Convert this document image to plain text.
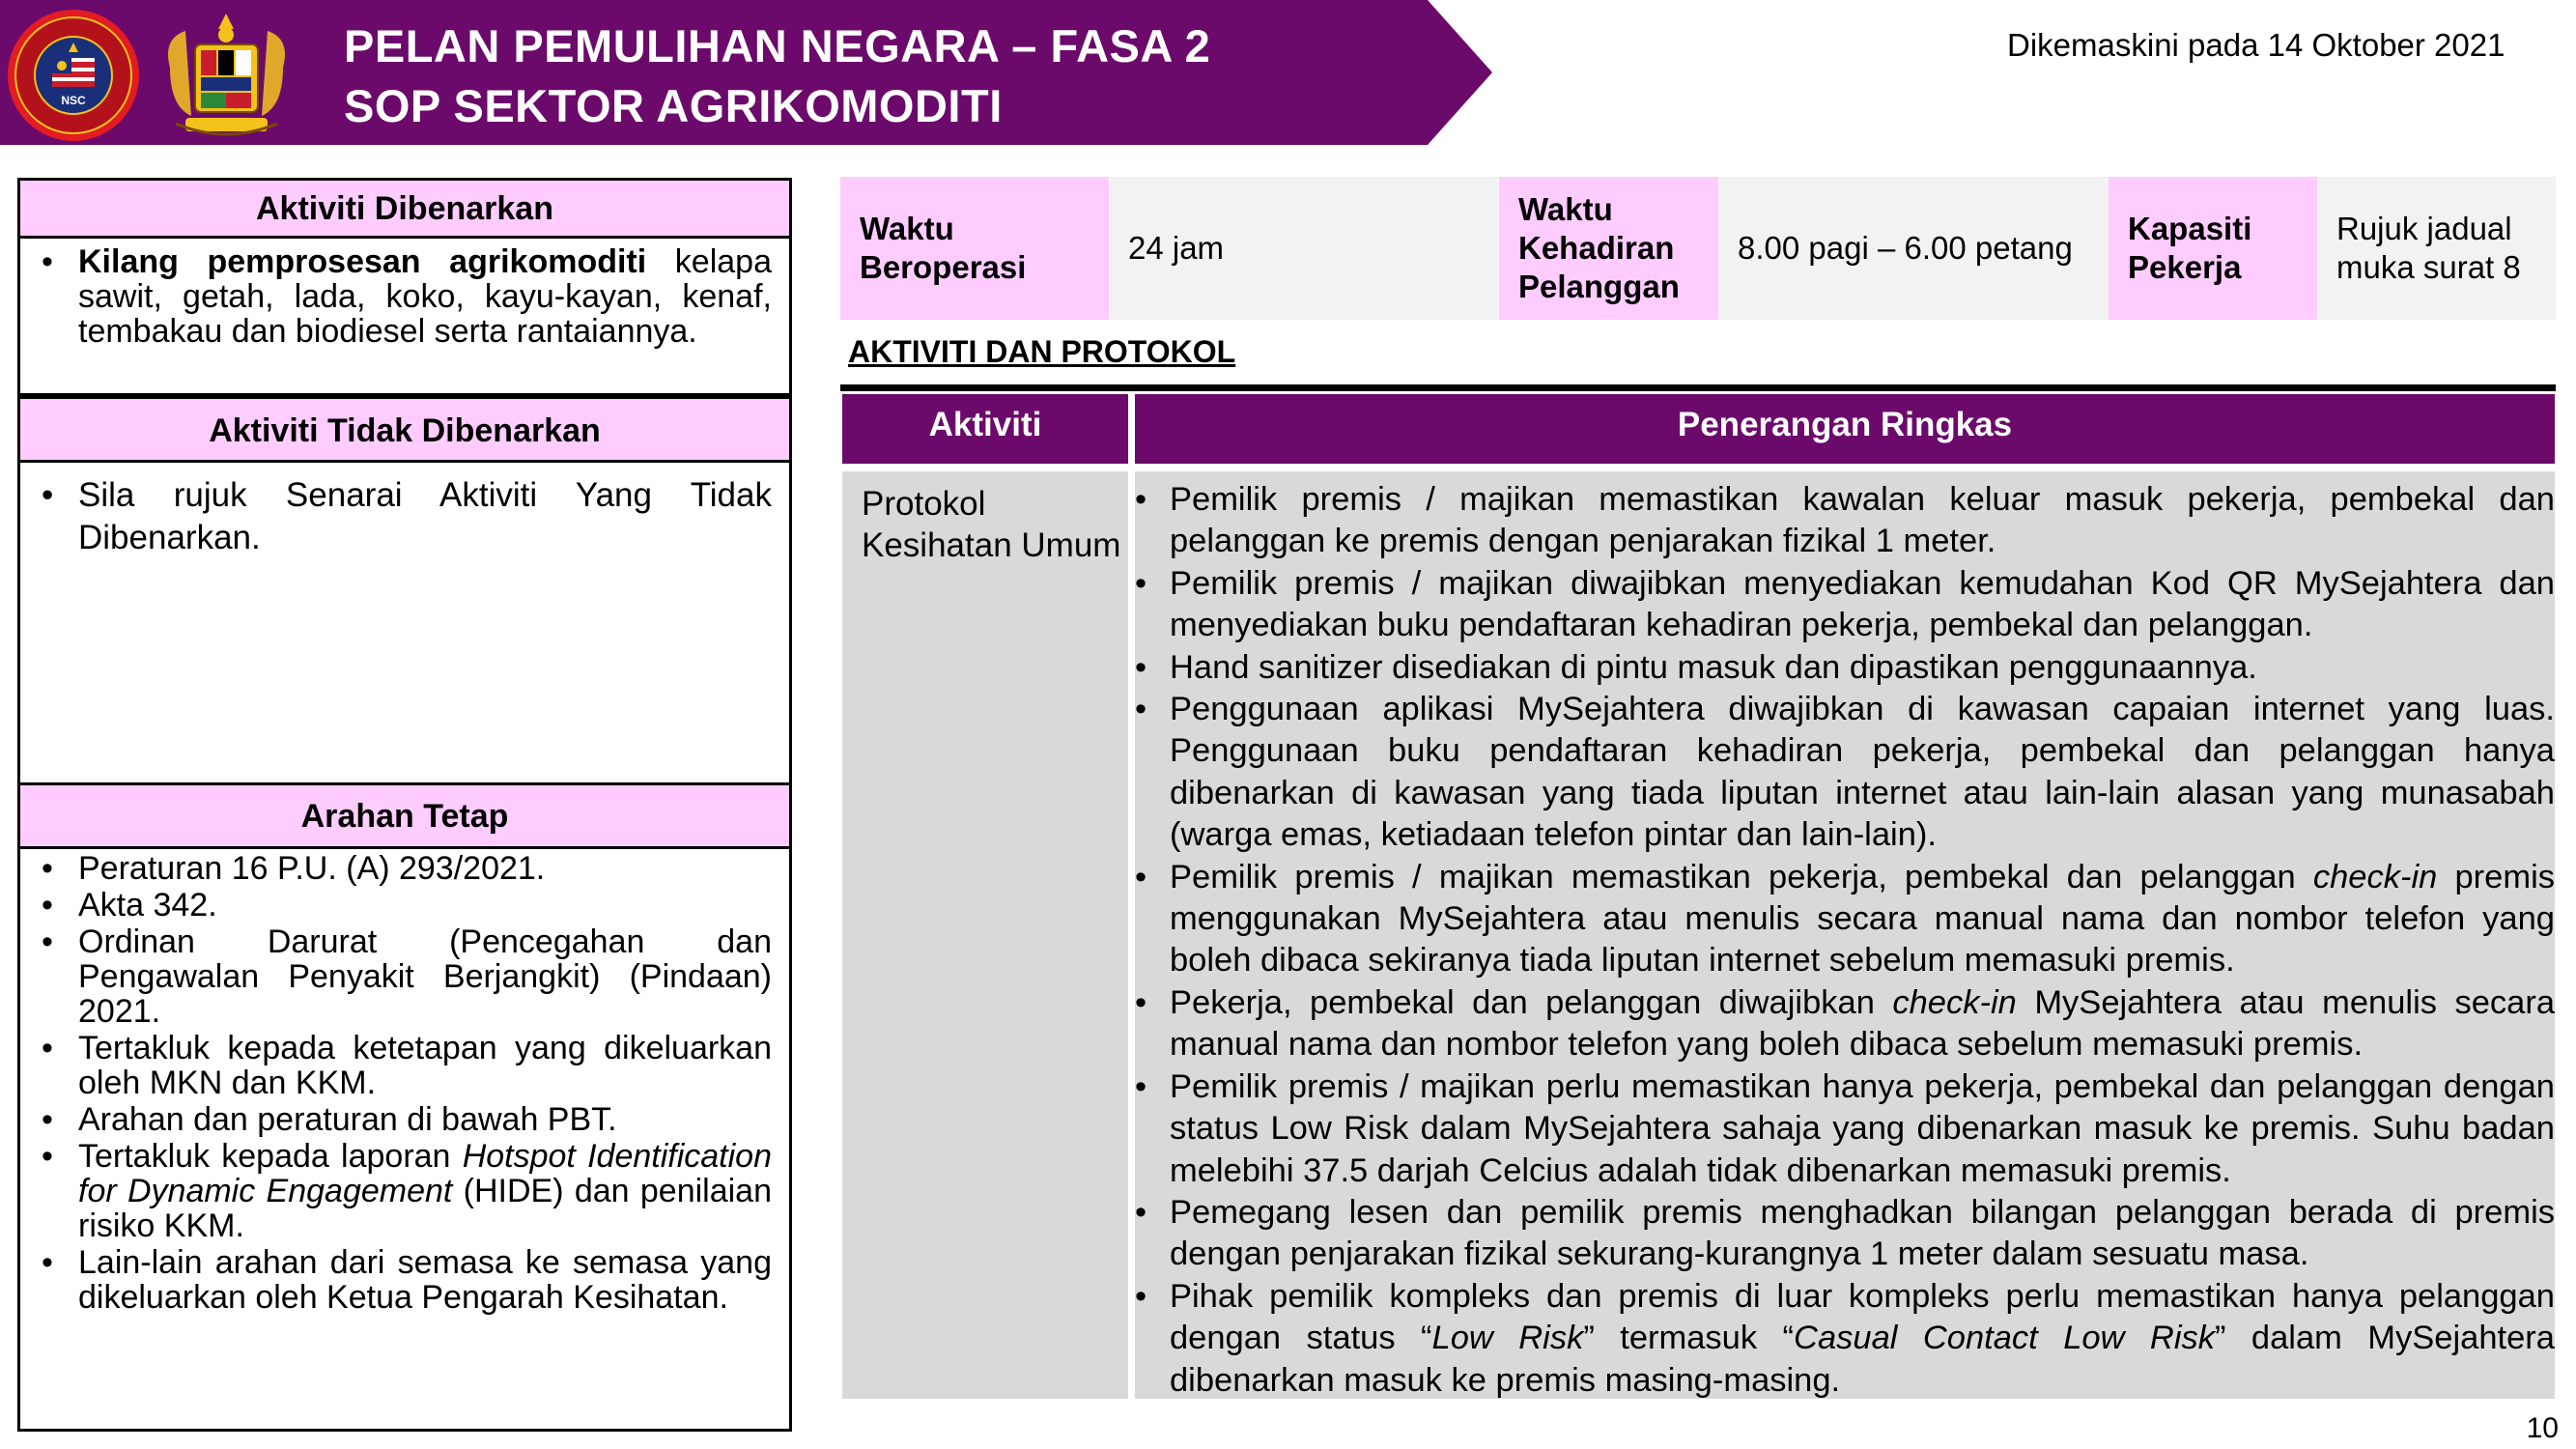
NSC
PELAN PEMULIHAN NEGARA – FASA 2
SOP SEKTOR AGRIKOMODITI
Dikemaskini pada 14 Oktober 2021
Aktiviti Dibenarkan
• Kilang pemprosesan agrikomoditi kelapa sawit, getah, lada, koko, kayu-kayan, kenaf, tembakau dan biodiesel serta rantaiannya.
Aktiviti Tidak Dibenarkan
• Sila rujuk Senarai Aktiviti Yang Tidak Dibenarkan.
Arahan Tetap
• Peraturan 16 P.U. (A) 293/2021.
• Akta 342.
• Ordinan Darurat (Pencegahan dan Pengawalan Penyakit Berjangkit) (Pindaan) 2021.
• Tertakluk kepada ketetapan yang dikeluarkan oleh MKN dan KKM.
• Arahan dan peraturan di bawah PBT.
• Tertakluk kepada laporan Hotspot Identification for Dynamic Engagement (HIDE) dan penilaian risiko KKM.
• Lain-lain arahan dari semasa ke semasa yang dikeluarkan oleh Ketua Pengarah Kesihatan.
Waktu Beroperasi
24 jam
Waktu Kehadiran Pelanggan
8.00 pagi – 6.00 petang
Kapasiti Pekerja
Rujuk jadual muka surat 8
AKTIVITI DAN PROTOKOL
Aktiviti	Penerangan Ringkas
Protokol Kesihatan Umum
• Pemilik premis / majikan memastikan kawalan keluar masuk pekerja, pembekal dan pelanggan ke premis dengan penjarakan fizikal 1 meter.
• Pemilik premis / majikan diwajibkan menyediakan kemudahan Kod QR MySejahtera dan menyediakan buku pendaftaran kehadiran pekerja, pembekal dan pelanggan.
• Hand sanitizer disediakan di pintu masuk dan dipastikan penggunaannya.
• Penggunaan aplikasi MySejahtera diwajibkan di kawasan capaian internet yang luas. Penggunaan buku pendaftaran kehadiran pekerja, pembekal dan pelanggan hanya dibenarkan di kawasan yang tiada liputan internet atau lain-lain alasan yang munasabah (warga emas, ketiadaan telefon pintar dan lain-lain).
• Pemilik premis / majikan memastikan pekerja, pembekal dan pelanggan check-in premis menggunakan MySejahtera atau menulis secara manual nama dan nombor telefon yang boleh dibaca sekiranya tiada liputan internet sebelum memasuki premis.
• Pekerja, pembekal dan pelanggan diwajibkan check-in MySejahtera atau menulis secara manual nama dan nombor telefon yang boleh dibaca sebelum memasuki premis.
• Pemilik premis / majikan perlu memastikan hanya pekerja, pembekal dan pelanggan dengan status Low Risk dalam MySejahtera sahaja yang dibenarkan masuk ke premis. Suhu badan melebihi 37.5 darjah Celcius adalah tidak dibenarkan memasuki premis.
• Pemegang lesen dan pemilik premis menghadkan bilangan pelanggan berada di premis dengan penjarakan fizikal sekurang-kurangnya 1 meter dalam sesuatu masa.
• Pihak pemilik kompleks dan premis di luar kompleks perlu memastikan hanya pelanggan dengan status “Low Risk” termasuk “Casual Contact Low Risk” dalam MySejahtera dibenarkan masuk ke premis masing-masing.
10
